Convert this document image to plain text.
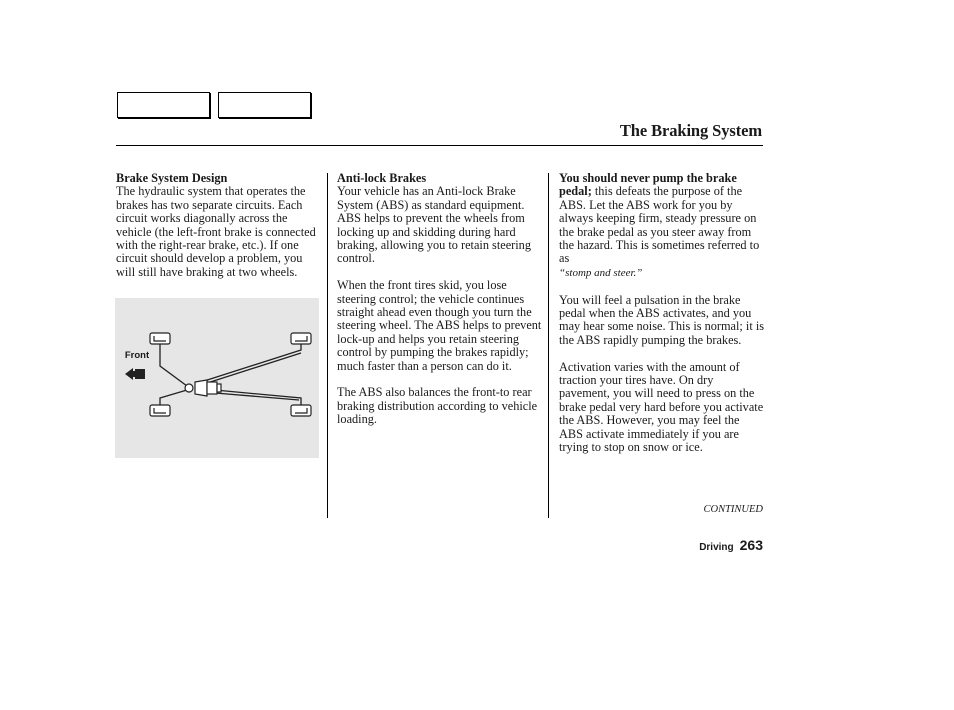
The Braking System

Brake System Design
The hydraulic system that operates the brakes has two separate circuits. Each circuit works diagonally across the vehicle (the left-front brake is connected with the right-rear brake, etc.). If one circuit should develop a problem, you will still have braking at two wheels.

Front

Anti-lock Brakes
Your vehicle has an Anti-lock Brake System (ABS) as standard equipment. ABS helps to prevent the wheels from locking up and skidding during hard braking, allowing you to retain steering control.

When the front tires skid, you lose steering control; the vehicle continues straight ahead even though you turn the steering wheel. The ABS helps to prevent lock-up and helps you retain steering control by pumping the brakes rapidly; much faster than a person can do it.

The ABS also balances the front-to rear braking distribution according to vehicle loading.

You should never pump the brake pedal; this defeats the purpose of the ABS. Let the ABS work for you by always keeping firm, steady pressure on the brake pedal as you steer away from the hazard. This is sometimes referred to as
“stomp and steer.”

You will feel a pulsation in the brake pedal when the ABS activates, and you may hear some noise. This is normal; it is the ABS rapidly pumping the brakes.

Activation varies with the amount of traction your tires have. On dry pavement, you will need to press on the brake pedal very hard before you activate the ABS. However, you may feel the ABS activate immediately if you are trying to stop on snow or ice.

CONTINUED
Driving 263
